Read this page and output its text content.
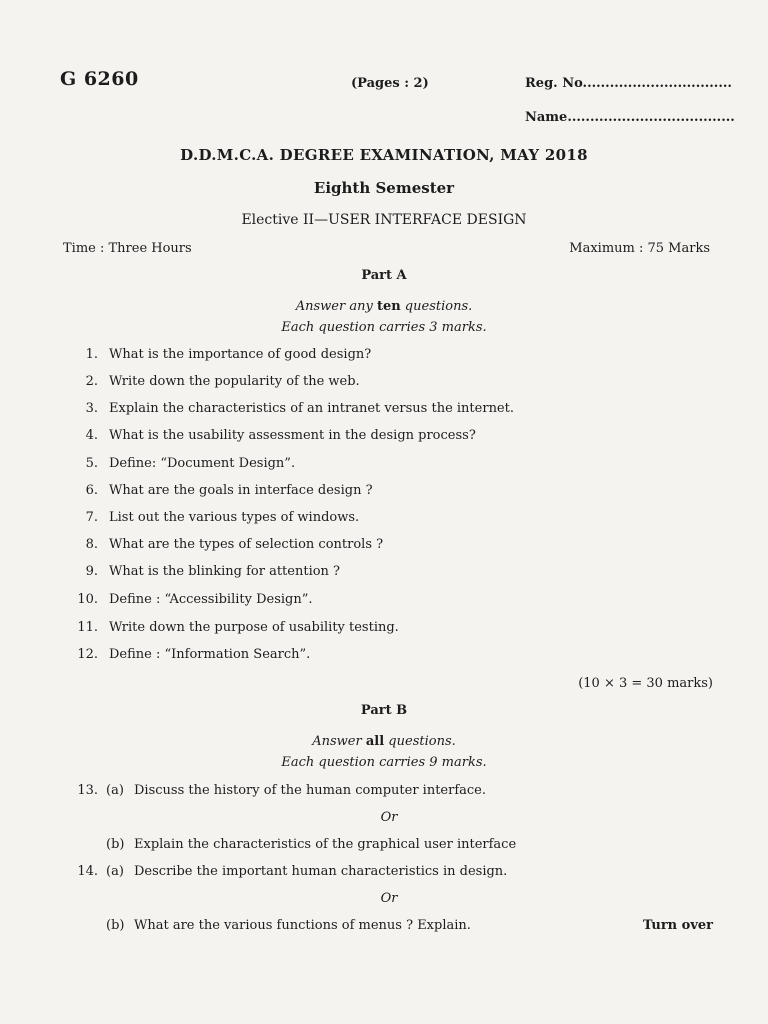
G 6260	(Pages : 2)	Reg. No.................................
Name.....................................
D.D.M.C.A. DEGREE EXAMINATION, MAY 2018
Eighth Semester
Elective II—USER INTERFACE DESIGN
Time : Three Hours	Maximum : 75 Marks
Part A
Answer any ten questions.
Each question carries 3 marks.
1. What is the importance of good design?
2. Write down the popularity of the web.
3. Explain the characteristics of an intranet versus the internet.
4. What is the usability assessment in the design process?
5. Define: “Document Design”.
6. What are the goals in interface design ?
7. List out the various types of windows.
8. What are the types of selection controls ?
9. What is the blinking for attention ?
10. Define : “Accessibility Design”.
11. Write down the purpose of usability testing.
12. Define : “Information Search”.
(10 × 3 = 30 marks)
Part B
Answer all questions.
Each question carries 9 marks.
13. (a) Discuss the history of the human computer interface.
Or
(b) Explain the characteristics of the graphical user interface
14. (a) Describe the important human characteristics in design.
Or
(b) What are the various functions of menus ? Explain.	Turn over
